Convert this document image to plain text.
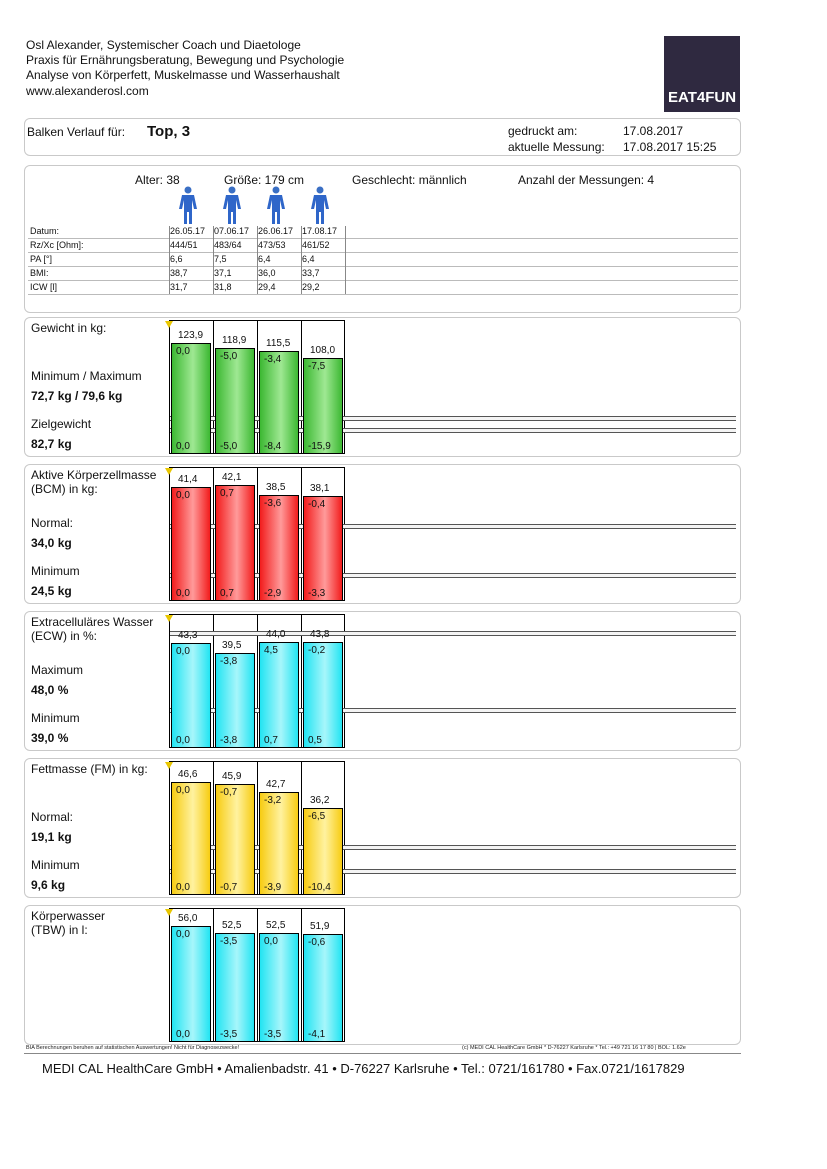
Osl Alexander, Systemischer Coach und Diaetologe
Praxis für Ernährungsberatung, Bewegung und Psychologie
Analyse von Körperfett, Muskelmasse und Wasserhaushalt
www.alexanderosl.com	EAT4FUN
Balken Verlauf für: Top, 3	gedruckt am:	17.08.2017
aktuelle Messung: 17.08.2017 15:25
Alter: 38	Größe: 179 cm	Geschlecht: männlich	Anzahl der Messungen: 4
Datum:	26.05.17 07.06.17 26.06.17 17.08.17
Rz/Xc [Ohm]:	444/51 483/64 473/53 461/52
PA [°]	6,6	7,5	6,4	6,4
BMI:	38,7	37,1	36,0	33,7
ICW [l]	31,7	31,8	29,4	29,2
Gewicht in kg:
Minimum / Maximum
72,7 kg / 79,6 kg
Zielgewicht
82,7 kg
123,9
0,0
0,0
118,9
-5,0
-5,0
115,5
-3,4
-8,4
108,0
-7,5
-15,9
Aktive Körperzellmasse
(BCM) in kg:
Normal:
34,0 kg
Minimum
24,5 kg
41,4
0,0
0,0
42,1
0,7
0,7
38,5
-3,6
-2,9
38,1
-0,4
-3,3
Extracelluläres Wasser
(ECW) in %:
Maximum
48,0 %
Minimum
39,0 %
43,3
0,0
0,0
39,5
-3,8
-3,8
44,0
4,5
0,7
43,8
-0,2
0,5
Fettmasse (FM) in kg:
Normal:
19,1 kg
Minimum
9,6 kg
46,6
0,0
0,0
45,9
-0,7
-0,7
42,7
-3,2
-3,9
36,2
-6,5
-10,4
Körperwasser
(TBW) in l:
56,0
0,0
0,0
52,5
-3,5
-3,5
52,5
0,0
-3,5
51,9
-0,6
-4,1
BIA Berechnungen beruhen auf statistischen Auswertungen! Nicht für Diagnosezwecke!	(c) MEDI CAL HealthCare GmbH * D-76227 Karlsruhe * Tel.: +49 721 16 17 80 | BOL: 1.62e
MEDI CAL HealthCare GmbH • Amalienbadstr. 41 • D-76227 Karlsruhe • Tel.: 0721/161780 • Fax.0721/1617829
